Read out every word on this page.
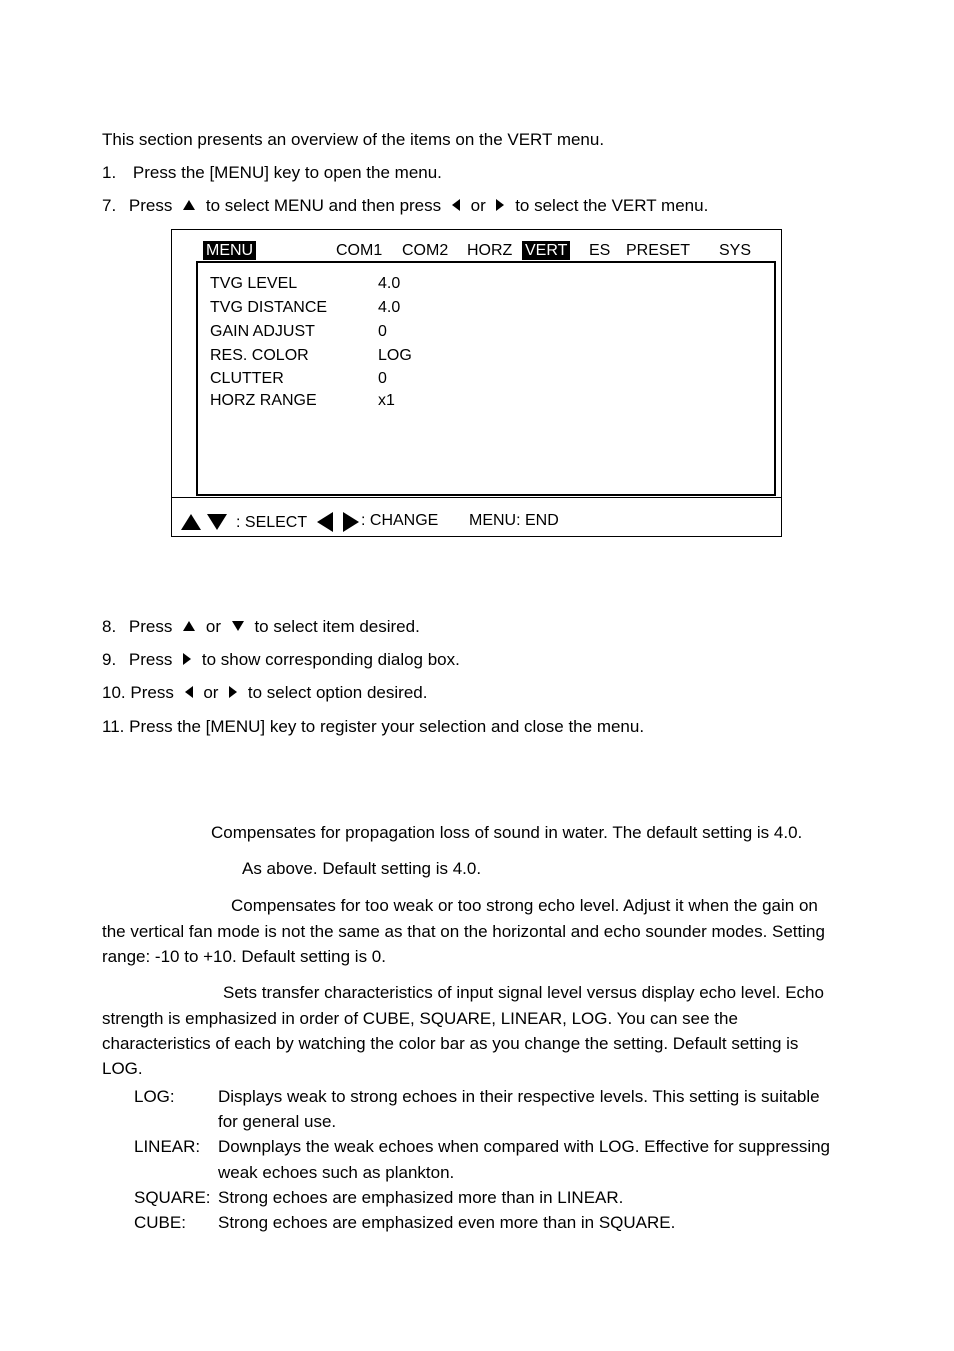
This section presents an overview of the items on the VERT menu.
1. Press the [MENU] key to open the menu.
7. Press to select MENU and then press or to select the VERT menu.
MENU	COM1 COM2 HORZ VERT ES PRESET SYS
TVG LEVEL	4.0
TVG DISTANCE	4.0
GAIN ADJUST	0
RES. COLOR	LOG
CLUTTER	0
HORZ RANGE	x1

: SELECT
	: CHANGE MENU: END
8. Press or to select item desired.
9. Press to show corresponding dialog box.
10. Press or to select option desired.
11. Press the [MENU] key to register your selection and close the menu.
Compensates for propagation loss of sound in water. The default setting is 4.0.
As above. Default setting is 4.0.
Compensates for too weak or too strong echo level. Adjust it when the gain on
the vertical fan mode is not the same as that on the horizontal and echo sounder modes. Setting
range: -10 to +10. Default setting is 0.
Sets transfer characteristics of input signal level versus display echo level. Echo
strength is emphasized in order of CUBE, SQUARE, LINEAR, LOG. You can see the
characteristics of each by watching the color bar as you change the setting. Default setting is
LOG.
LOG:	Displays weak to strong echoes in their respective levels. This setting is suitable
for general use.
LINEAR: Downplays the weak echoes when compared with LOG. Effective for suppressing
weak echoes such as plankton.
SQUARE: Strong echoes are emphasized more than in LINEAR.
CUBE: Strong echoes are emphasized even more than in SQUARE.
